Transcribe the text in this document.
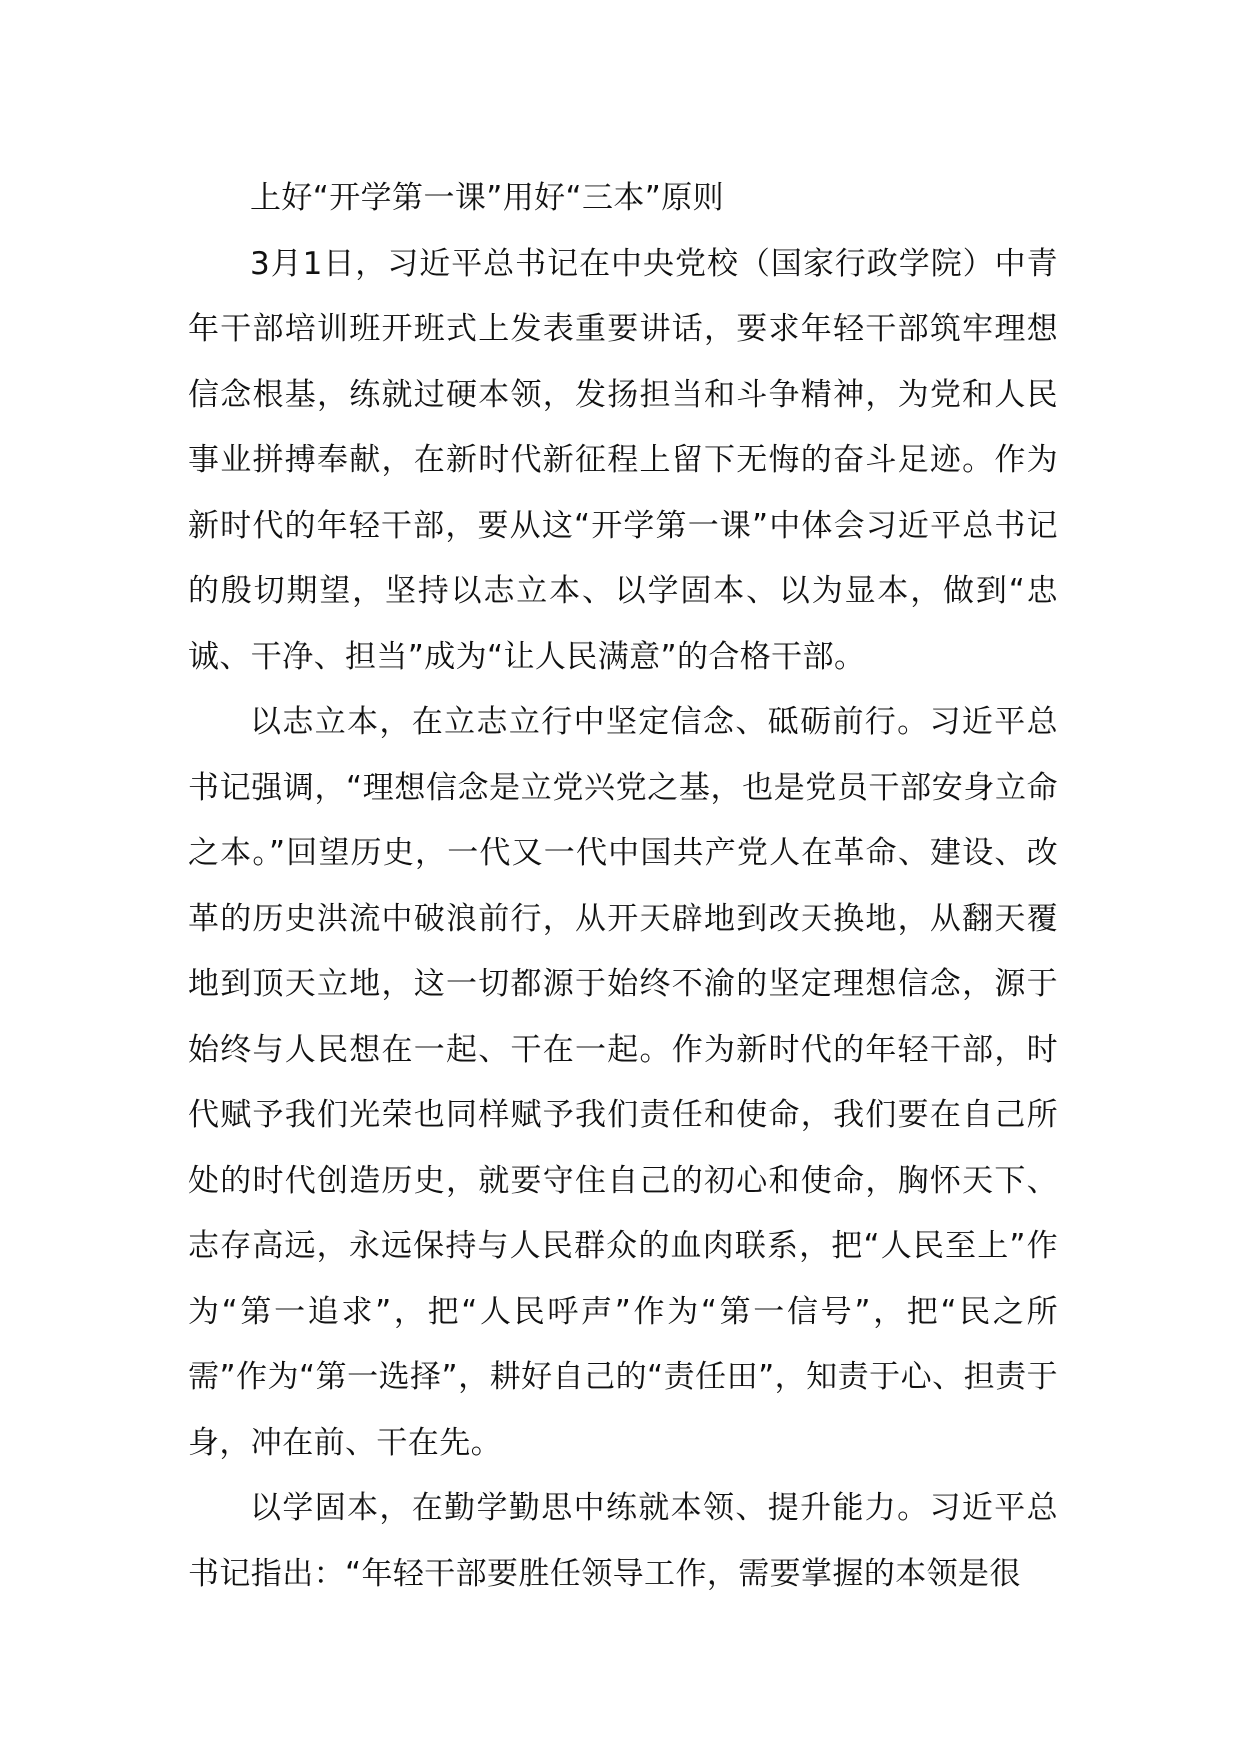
上好“开学第一课”用好“三本”原则

3月1日，习近平总书记在中央党校（国家行政学院）中青年干部培训班开班式上发表重要讲话，要求年轻干部筑牢理想信念根基，练就过硬本领，发扬担当和斗争精神，为党和人民事业拼搏奉献，在新时代新征程上留下无悔的奋斗足迹。作为新时代的年轻干部，要从这“开学第一课”中体会习近平总书记的殷切期望，坚持以志立本、以学固本、以为显本，做到“忠诚、干净、担当”成为“让人民满意”的合格干部。

以志立本，在立志立行中坚定信念、砥砺前行。习近平总书记强调，“理想信念是立党兴党之基，也是党员干部安身立命之本。”回望历史，一代又一代中国共产党人在革命、建设、改革的历史洪流中破浪前行，从开天辟地到改天换地，从翻天覆地到顶天立地，这一切都源于始终不渝的坚定理想信念，源于始终与人民想在一起、干在一起。作为新时代的年轻干部，时代赋予我们光荣也同样赋予我们责任和使命，我们要在自己所处的时代创造历史，就要守住自己的初心和使命，胸怀天下、志存高远，永远保持与人民群众的血肉联系，把“人民至上”作为“第一追求”，把“人民呼声”作为“第一信号”，把“民之所需”作为“第一选择”，耕好自己的“责任田”，知责于心、担责于身，冲在前、干在先。

以学固本，在勤学勤思中练就本领、提升能力。习近平总书记指出：“年轻干部要胜任领导工作，需要掌握的本领是很
